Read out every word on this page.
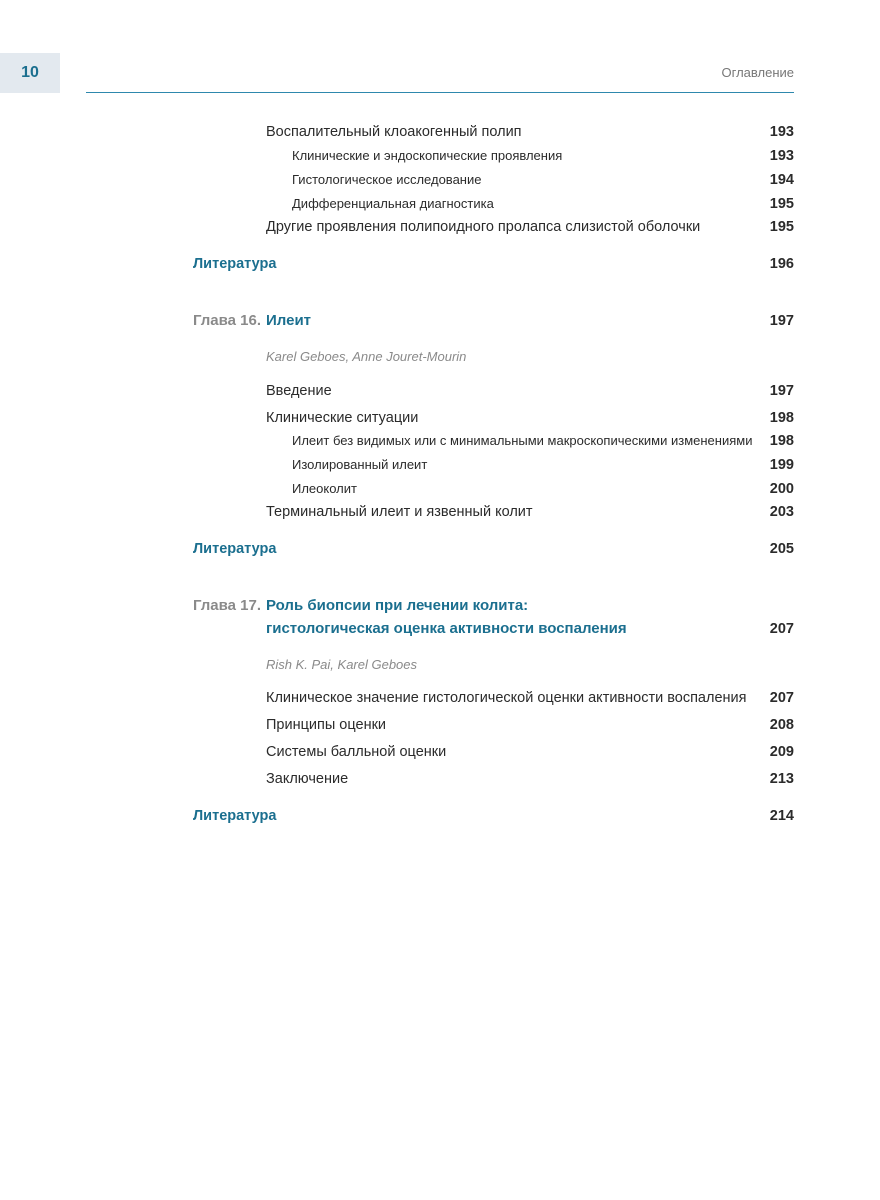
10	Оглавление
Воспалительный клоакогенный полип	193
Клинические и эндоскопические проявления	193
Гистологическое исследование	194
Дифференциальная диагностика	195
Другие проявления полипоидного пролапса слизистой оболочки	195
Литература	196
Глава 16. Илеит	197
Karel Geboes, Anne Jouret-Mourin
Введение	197
Клинические ситуации	198
Илеит без видимых или с минимальными макроскопическими изменениями 198
Изолированный илеит	199
Илеоколит	200
Терминальный илеит и язвенный колит	203
Литература	205
Глава 17. Роль биопсии при лечении колита:
гистологическая оценка активности воспаления	207
Rish K. Pai, Karel Geboes
Клиническое значение гистологической оценки активности воспаления 207
Принципы оценки	208
Системы балльной оценки	209
Заключение	213
Литература	214
